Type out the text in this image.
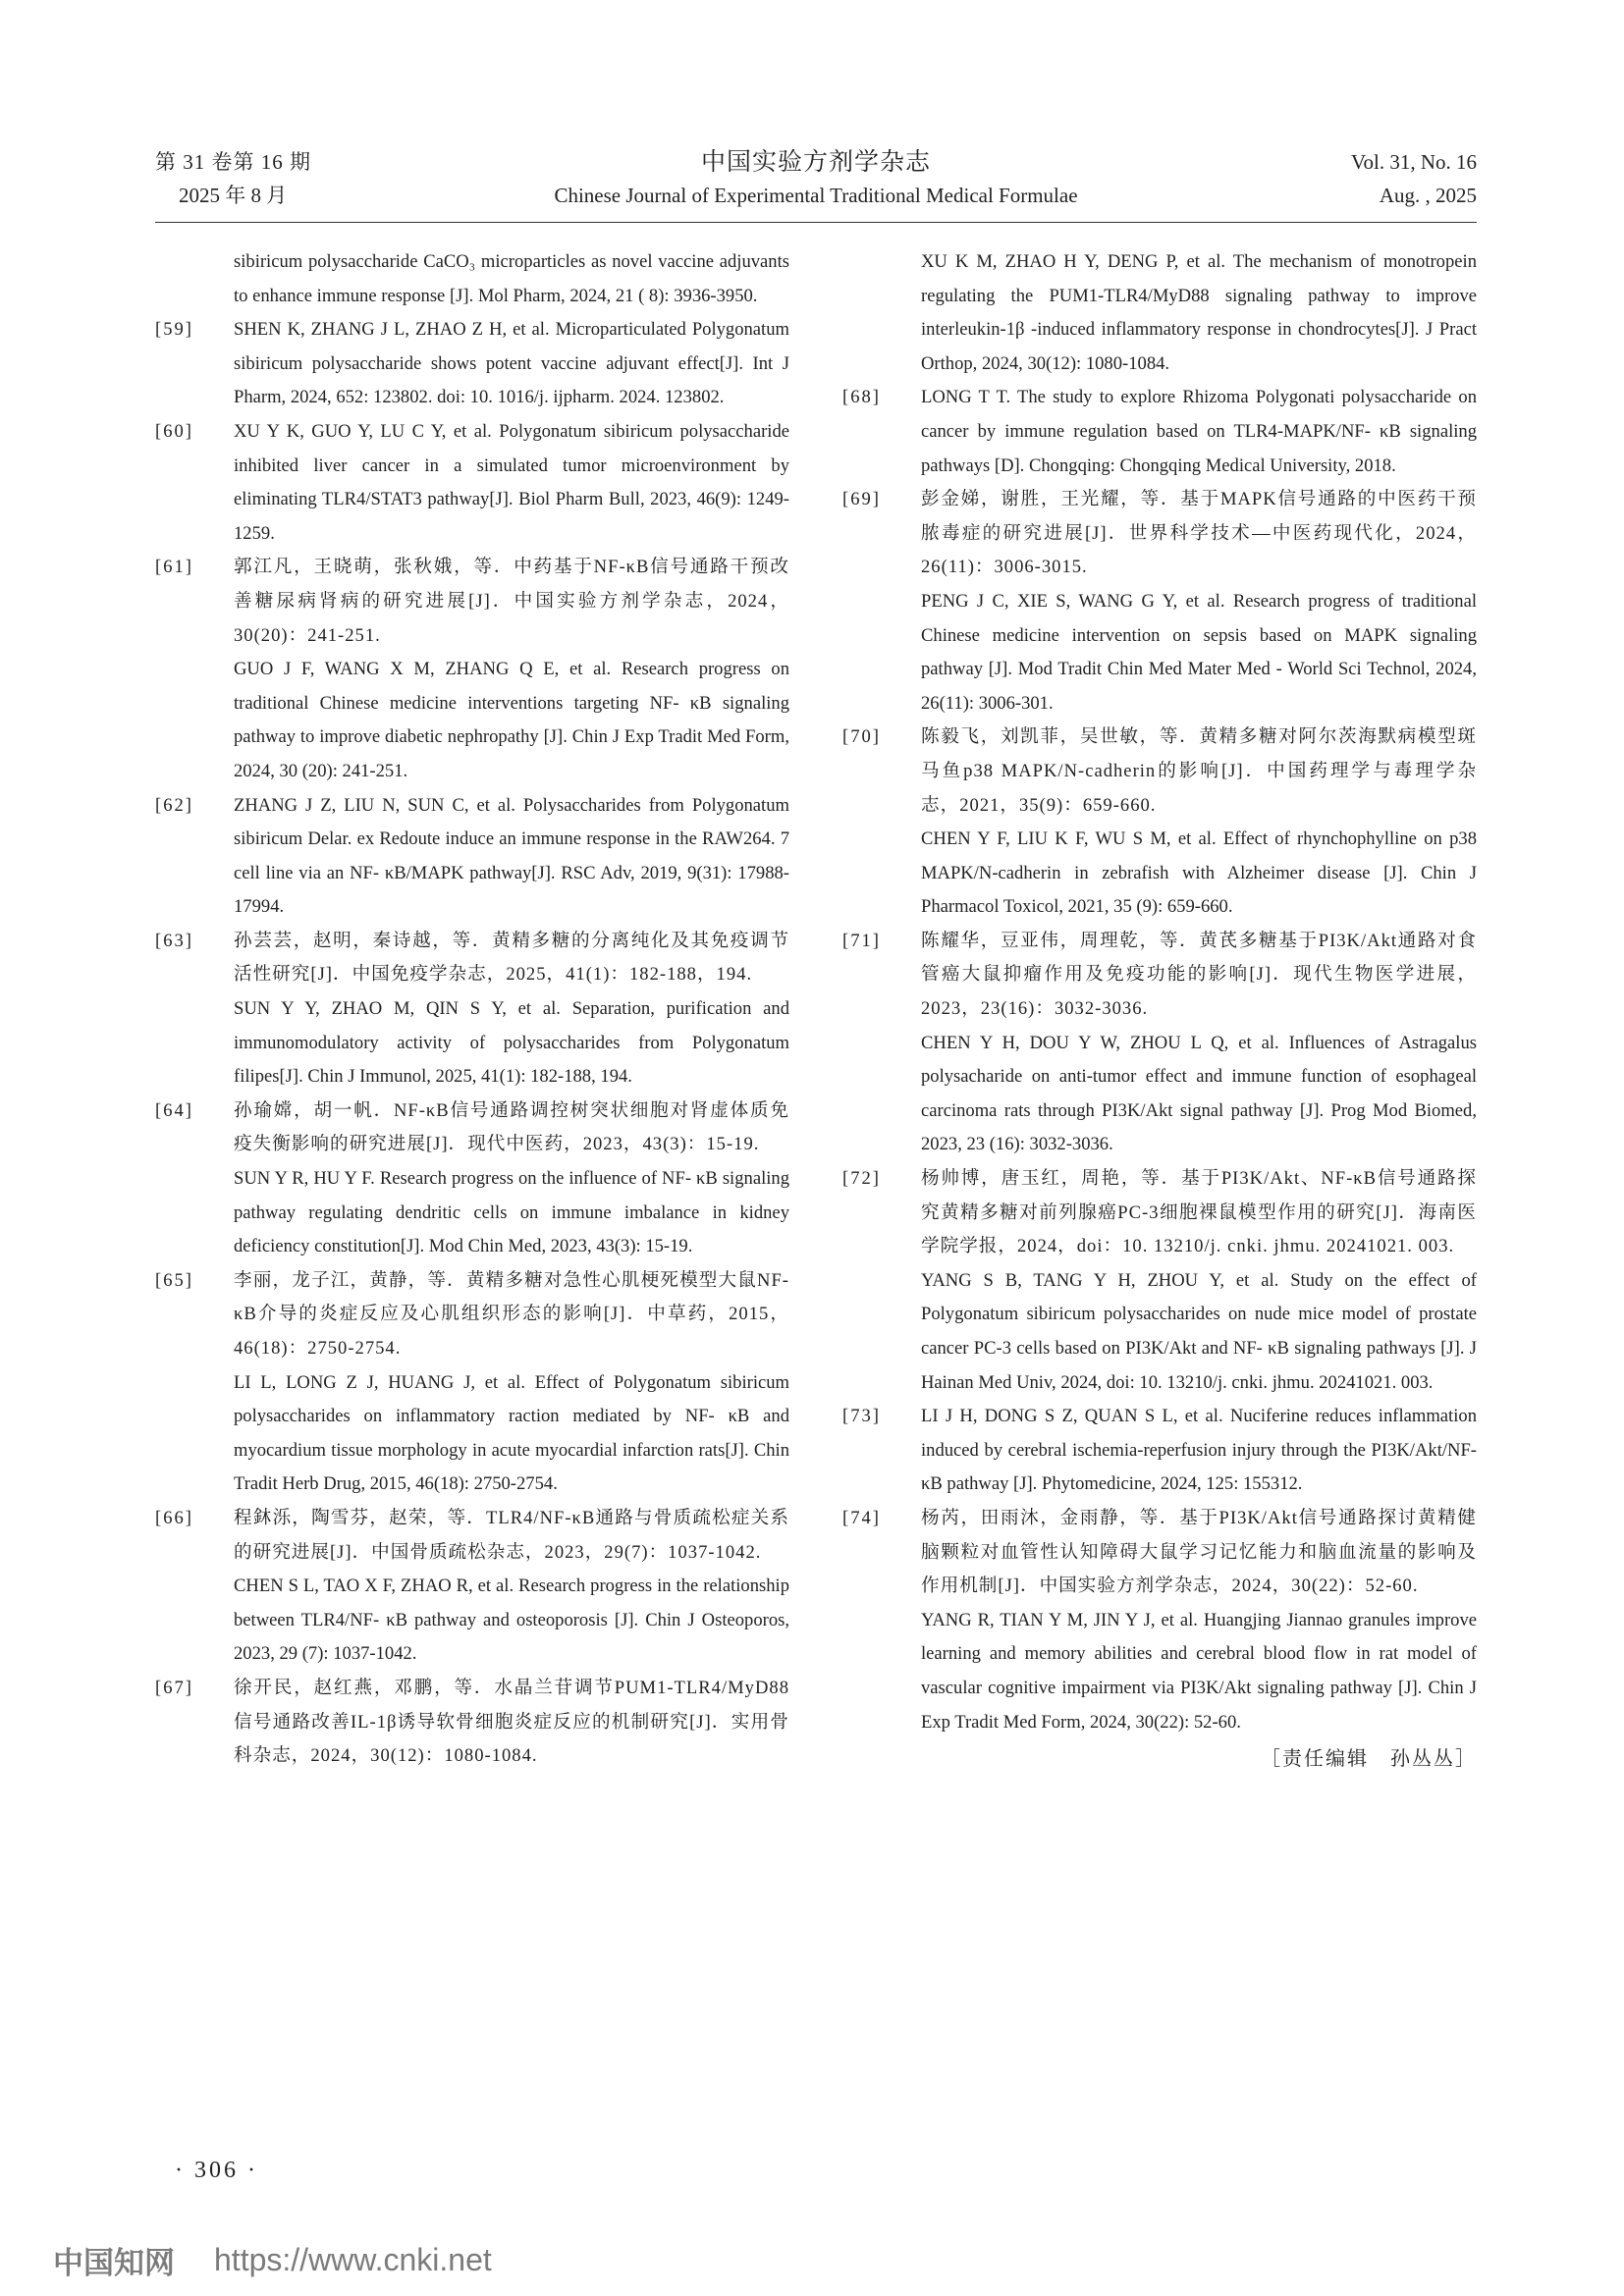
第 31 卷第 16 期
2025 年 8 月
中国实验方剂学杂志
Chinese Journal of Experimental Traditional Medical Formulae
Vol. 31, No. 16
Aug. , 2025

sibiricum polysaccharide CaCO₃ microparticles as novel vaccine adjuvants to enhance immune response [J]. Mol Pharm, 2024, 21 ( 8): 3936-3950.

[59] SHEN K, ZHANG J L, ZHAO Z H, et al. Microparticulated Polygonatum sibiricum polysaccharide shows potent vaccine adjuvant effect[J]. Int J Pharm, 2024, 652: 123802. doi: 10. 1016/j. ijpharm. 2024. 123802.

[60] XU Y K, GUO Y, LU C Y, et al. Polygonatum sibiricum polysaccharide inhibited liver cancer in a simulated tumor microenvironment by eliminating TLR4/STAT3 pathway[J]. Biol Pharm Bull, 2023, 46(9): 1249-1259.

[61] 郭江凡，王晓萌，张秋娥，等．中药基于NF-κB信号通路干预改善糖尿病肾病的研究进展[J]．中国实验方剂学杂志，2024，30(20)：241-251.

GUO J F, WANG X M, ZHANG Q E, et al. Research progress on traditional Chinese medicine interventions targeting NF- κB signaling pathway to improve diabetic nephropathy [J]. Chin J Exp Tradit Med Form, 2024, 30 (20): 241-251.

[62] ZHANG J Z, LIU N, SUN C, et al. Polysaccharides from Polygonatum sibiricum Delar. ex Redoute induce an immune response in the RAW264. 7 cell line via an NF- κB/MAPK pathway[J]. RSC Adv, 2019, 9(31): 17988-17994.

[63] 孙芸芸，赵明，秦诗越，等．黄精多糖的分离纯化及其免疫调节活性研究[J]．中国免疫学杂志，2025，41(1)：182-188，194.

SUN Y Y, ZHAO M, QIN S Y, et al. Separation, purification and immunomodulatory activity of polysaccharides from Polygonatum filipes[J]. Chin J Immunol, 2025, 41(1): 182-188, 194.

[64] 孙瑜嫦，胡一帆．NF-κB信号通路调控树突状细胞对肾虚体质免疫失衡影响的研究进展[J]．现代中医药，2023，43(3)：15-19.

SUN Y R, HU Y F. Research progress on the influence of NF- κB signaling pathway regulating dendritic cells on immune imbalance in kidney deficiency constitution[J]. Mod Chin Med, 2023, 43(3): 15-19.

[65] 李丽，龙子江，黄静，等．黄精多糖对急性心肌梗死模型大鼠NF-κB介导的炎症反应及心肌组织形态的影响[J]．中草药，2015，46(18)：2750-2754.

LI L, LONG Z J, HUANG J, et al. Effect of Polygonatum sibiricum polysaccharides on inflammatory raction mediated by NF- κB and myocardium tissue morphology in acute myocardial infarction rats[J]. Chin Tradit Herb Drug, 2015, 46(18): 2750-2754.

[66] 程鈢泺，陶雪芬，赵荣，等．TLR4/NF-κB通路与骨质疏松症关系的研究进展[J]．中国骨质疏松杂志，2023，29(7)：1037-1042.

CHEN S L, TAO X F, ZHAO R, et al. Research progress in the relationship between TLR4/NF- κB pathway and osteoporosis [J]. Chin J Osteoporos, 2023, 29 (7): 1037-1042.

[67] 徐开民，赵红燕，邓鹏，等．水晶兰苷调节PUM1-TLR4/MyD88信号通路改善IL-1β诱导软骨细胞炎症反应的机制研究[J]．实用骨科杂志，2024，30(12)：1080-1084.

XU K M, ZHAO H Y, DENG P, et al. The mechanism of monotropein regulating the PUM1-TLR4/MyD88 signaling pathway to improve interleukin-1β -induced inflammatory response in chondrocytes[J]. J Pract Orthop, 2024, 30(12): 1080-1084.

[68] LONG T T. The study to explore Rhizoma Polygonati polysaccharide on cancer by immune regulation based on TLR4-MAPK/NF- κB signaling pathways [D]. Chongqing: Chongqing Medical University, 2018.

[69] 彭金娣，谢胜，王光耀，等．基于MAPK信号通路的中医药干预脓毒症的研究进展[J]．世界科学技术—中医药现代化，2024，26(11)：3006-3015.

PENG J C, XIE S, WANG G Y, et al. Research progress of traditional Chinese medicine intervention on sepsis based on MAPK signaling pathway [J]. Mod Tradit Chin Med Mater Med - World Sci Technol, 2024, 26(11): 3006-301.

[70] 陈毅飞，刘凯菲，吴世敏，等．黄精多糖对阿尔茨海默病模型斑马鱼p38 MAPK/N-cadherin的影响[J]．中国药理学与毒理学杂志，2021，35(9)：659-660.

CHEN Y F, LIU K F, WU S M, et al. Effect of rhynchophylline on p38 MAPK/N-cadherin in zebrafish with Alzheimer disease [J]. Chin J Pharmacol Toxicol, 2021, 35 (9): 659-660.

[71] 陈耀华，豆亚伟，周理乾，等．黄芪多糖基于PI3K/Akt通路对食管癌大鼠抑瘤作用及免疫功能的影响[J]．现代生物医学进展，2023，23(16)：3032-3036.

CHEN Y H, DOU Y W, ZHOU L Q, et al. Influences of Astragalus polysacharide on anti-tumor effect and immune function of esophageal carcinoma rats through PI3K/Akt signal pathway [J]. Prog Mod Biomed, 2023, 23 (16): 3032-3036.

[72] 杨帅博，唐玉红，周艳，等．基于PI3K/Akt、NF-κB信号通路探究黄精多糖对前列腺癌PC-3细胞裸鼠模型作用的研究[J]．海南医学院学报，2024，doi：10. 13210/j. cnki. jhmu. 20241021. 003.

YANG S B, TANG Y H, ZHOU Y, et al. Study on the effect of Polygonatum sibiricum polysaccharides on nude mice model of prostate cancer PC-3 cells based on PI3K/Akt and NF- κB signaling pathways [J]. J Hainan Med Univ, 2024, doi: 10. 13210/j. cnki. jhmu. 20241021. 003.

[73] LI J H, DONG S Z, QUAN S L, et al. Nuciferine reduces inflammation induced by cerebral ischemia-reperfusion injury through the PI3K/Akt/NF- κB pathway [J]. Phytomedicine, 2024, 125: 155312.

[74] 杨芮，田雨沐，金雨静，等．基于PI3K/Akt信号通路探讨黄精健脑颗粒对血管性认知障碍大鼠学习记忆能力和脑血流量的影响及作用机制[J]．中国实验方剂学杂志，2024，30(22)：52-60.

YANG R, TIAN Y M, JIN Y J, et al. Huangjing Jiannao granules improve learning and memory abilities and cerebral blood flow in rat model of vascular cognitive impairment via PI3K/Akt signaling pathway [J]. Chin J Exp Tradit Med Form, 2024, 30(22): 52-60.

［责任编辑　孙丛丛］
· 306 ·
中国知网 https://www.cnki.net
